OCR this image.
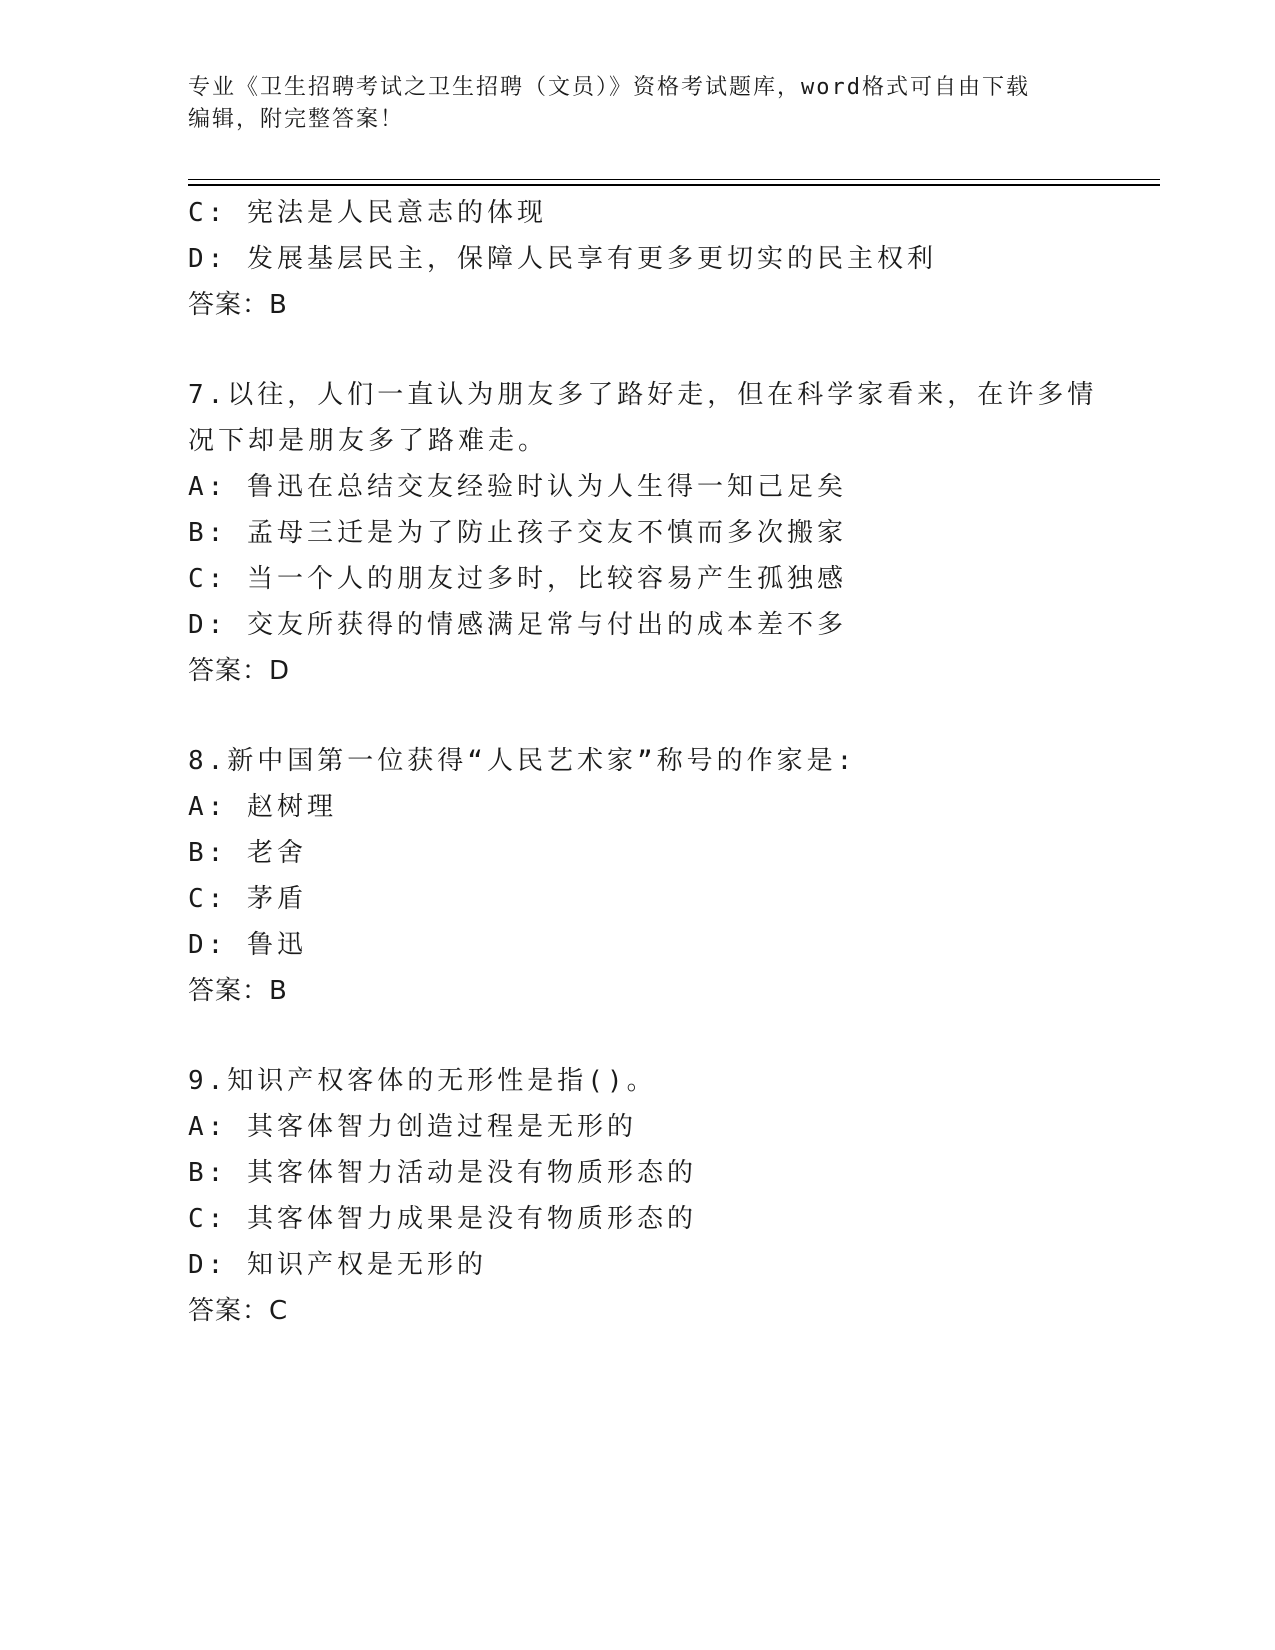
专业《卫生招聘考试之卫生招聘（文员）》资格考试题库，word格式可自由下载
编辑，附完整答案！
C: 宪法是人民意志的体现
D: 发展基层民主，保障人民享有更多更切实的民主权利
答案：B
7.以往，人们一直认为朋友多了路好走，但在科学家看来，在许多情
况下却是朋友多了路难走。
A: 鲁迅在总结交友经验时认为人生得一知己足矣
B: 孟母三迁是为了防止孩子交友不慎而多次搬家
C: 当一个人的朋友过多时，比较容易产生孤独感
D: 交友所获得的情感满足常与付出的成本差不多
答案：D
8.新中国第一位获得“人民艺术家”称号的作家是:
A: 赵树理
B: 老舍
C: 茅盾
D: 鲁迅
答案：B
9.知识产权客体的无形性是指()。
A: 其客体智力创造过程是无形的
B: 其客体智力活动是没有物质形态的
C: 其客体智力成果是没有物质形态的
D: 知识产权是无形的
答案：C
